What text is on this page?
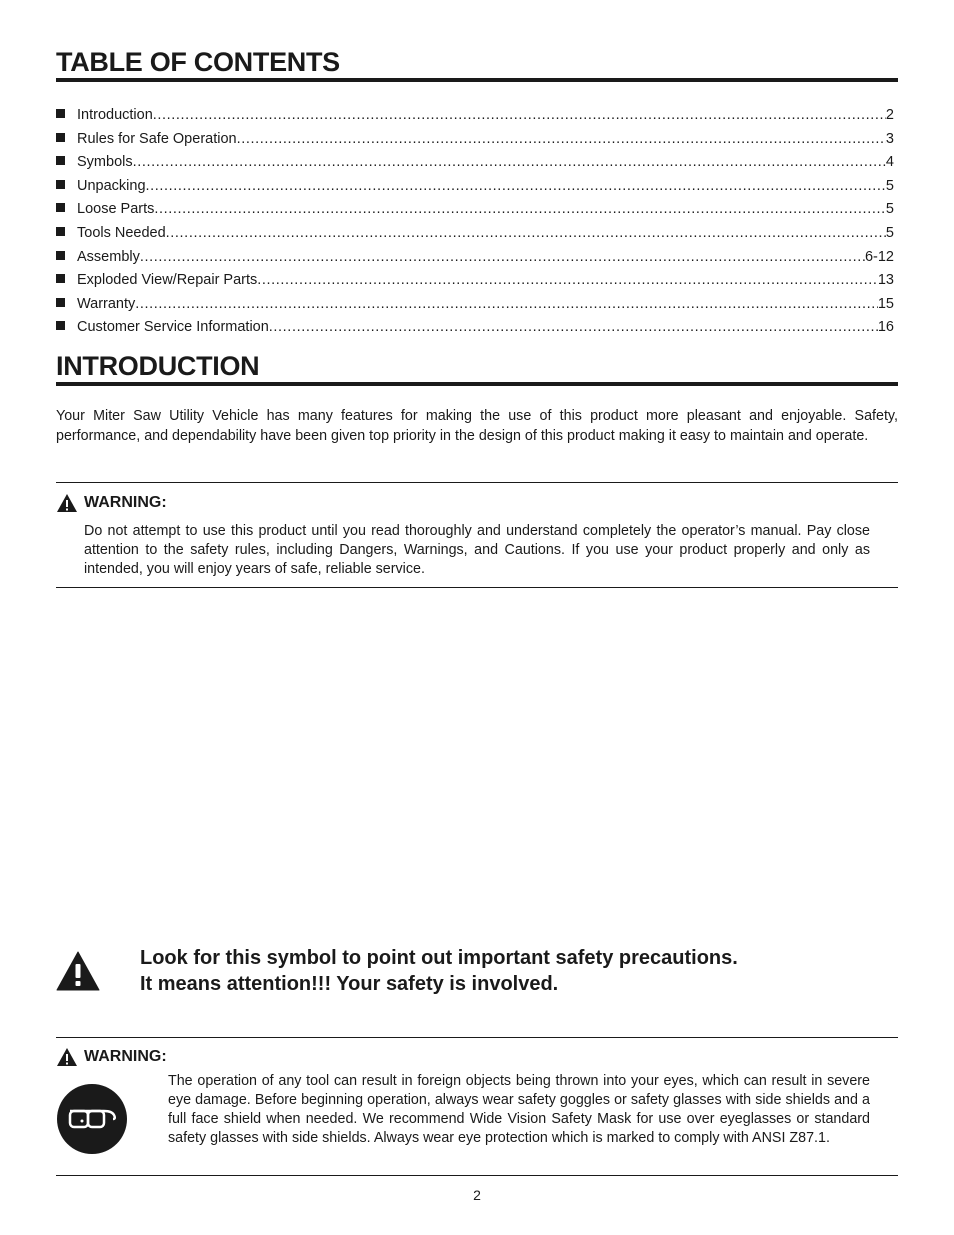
TABLE OF CONTENTS
Introduction .....	2
Rules for Safe Operation .....	3
Symbols .....	4
Unpacking .....	5
Loose Parts .....	5
Tools Needed .....	5
Assembly .....	6-12
Exploded View/Repair Parts .....	13
Warranty .....	15
Customer Service Information .....	16
INTRODUCTION
Your Miter Saw Utility Vehicle has many features for making the use of this product more pleasant and enjoyable. Safety, performance, and dependability have been given top priority in the design of this product making it easy to maintain and operate.
WARNING:
Do not attempt to use this product until you read thoroughly and understand completely the operator’s manual. Pay close attention to the safety rules, including Dangers, Warnings, and Cautions. If you use your product properly and only as intended, you will enjoy years of safe, reliable service.
Look for this symbol to point out important safety precautions.
It means attention!!! Your safety is involved.
WARNING:
The operation of any tool can result in foreign objects being thrown into your eyes, which can result in severe eye damage. Before beginning operation, always wear safety goggles or safety glasses with side shields and a full face shield when needed. We recommend Wide Vision Safety Mask for use over eyeglasses or standard safety glasses with side shields. Always wear eye protection which is marked to comply with ANSI Z87.1.
2
